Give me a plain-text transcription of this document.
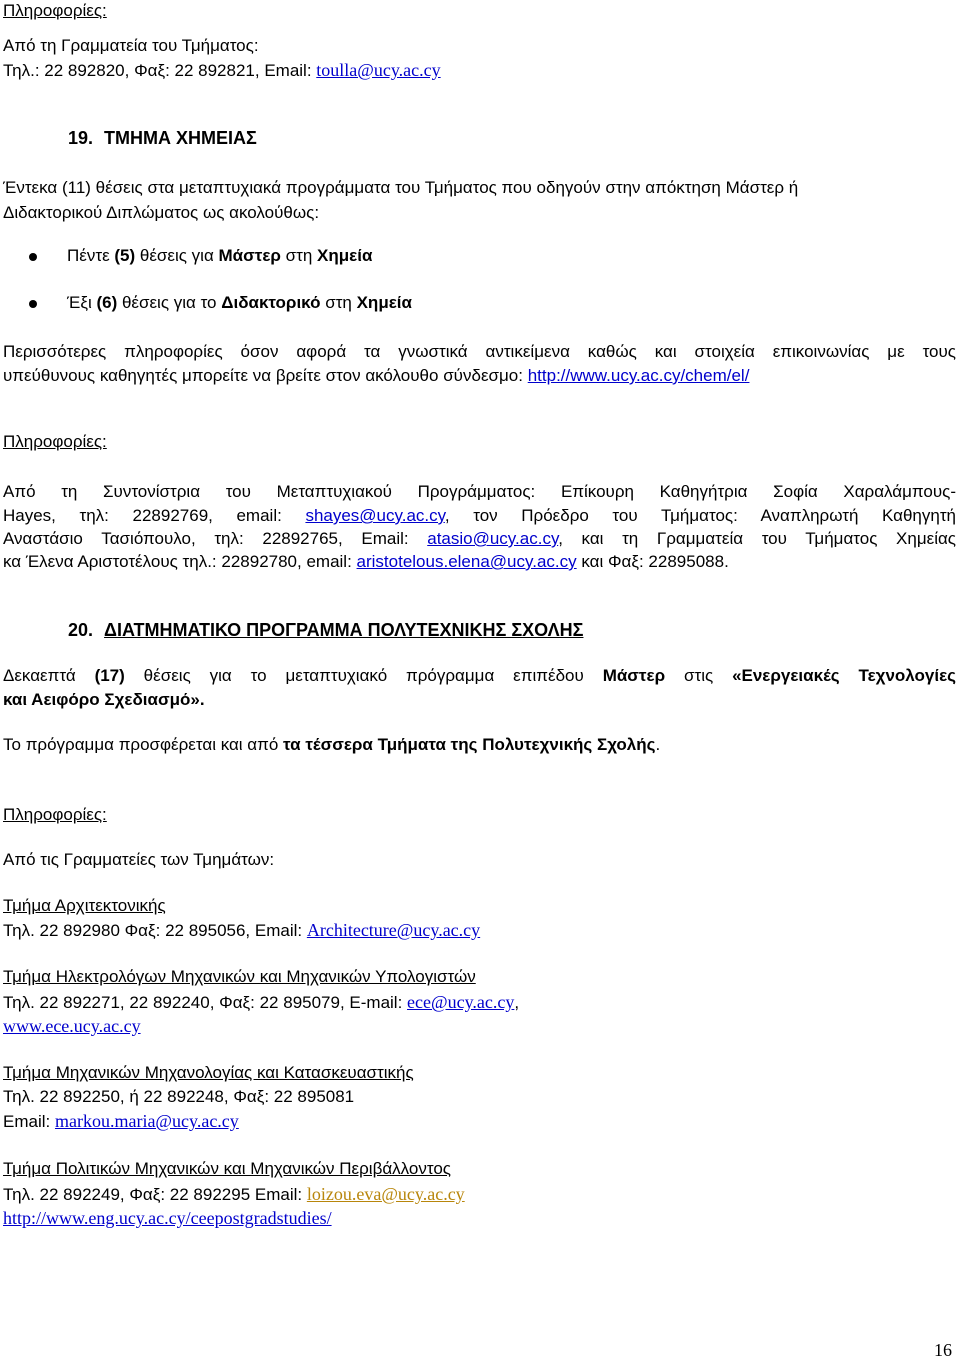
Πληροφορίες:
Από τη Γραμματεία του Τμήματος:
Τηλ.: 22 892820, Φαξ: 22 892821, Email: toulla@ucy.ac.cy
19. ΤΜΗΜΑ ΧΗΜΕΙΑΣ
Έντεκα (11) θέσεις στα μεταπτυχιακά προγράμματα του Τμήματος που οδηγούν στην απόκτηση Μάστερ ή
Διδακτορικού Διπλώματος ως ακολούθως:
Πέντε (5) θέσεις για Μάστερ στη Χημεία
Έξι (6) θέσεις για το Διδακτορικό στη Χημεία
Περισσότερες πληροφορίες όσον αφορά τα γνωστικά αντικείμενα καθώς και στοιχεία επικοινωνίας με τους
υπεύθυνους καθηγητές μπορείτε να βρείτε στον ακόλουθο σύνδεσμο: http://www.ucy.ac.cy/chem/el/
Πληροφορίες:
Από τη Συντονίστρια του Μεταπτυχιακού Προγράμματος: Επίκουρη Καθηγήτρια Σοφία Χαραλάμπους-
Hayes, τηλ: 22892769, email: shayes@ucy.ac.cy, τον Πρόεδρο του Τμήματος: Αναπληρωτή Καθηγητή
Αναστάσιο Τασιόπουλο, τηλ: 22892765, Email: atasio@ucy.ac.cy, και τη Γραμματεία του Τμήματος Χημείας
κα Έλενα Αριστοτέλους τηλ.: 22892780, email: aristotelous.elena@ucy.ac.cy και Φαξ: 22895088.
20. ΔΙΑΤΜΗΜΑΤΙΚΟ ΠΡΟΓΡΑΜΜΑ ΠΟΛΥΤΕΧΝΙΚΗΣ ΣΧΟΛΗΣ
Δεκαεπτά (17) θέσεις για το μεταπτυχιακό πρόγραμμα επιπέδου Μάστερ στις «Ενεργειακές Τεχνολογίες
και Αειφόρο Σχεδιασμό».
Το πρόγραμμα προσφέρεται και από τα τέσσερα Τμήματα της Πολυτεχνικής Σχολής.
Πληροφορίες:
Από τις Γραμματείες των Τμημάτων:
Τμήμα Αρχιτεκτονικής
Τηλ. 22 892980 Φαξ: 22 895056, Email: Architecture@ucy.ac.cy
Τμήμα Ηλεκτρολόγων Μηχανικών και Μηχανικών Υπολογιστών
Τηλ. 22 892271, 22 892240, Φαξ: 22 895079, E-mail: ece@ucy.ac.cy,
www.ece.ucy.ac.cy
Τμήμα Μηχανικών Μηχανολογίας και Κατασκευαστικής
Τηλ. 22 892250, ή 22 892248, Φαξ: 22 895081
Email: markou.maria@ucy.ac.cy
Τμήμα Πολιτικών Μηχανικών και Μηχανικών Περιβάλλοντος
Τηλ. 22 892249, Φαξ: 22 892295 Email: loizou.eva@ucy.ac.cy
http://www.eng.ucy.ac.cy/ceepostgradstudies/
16
